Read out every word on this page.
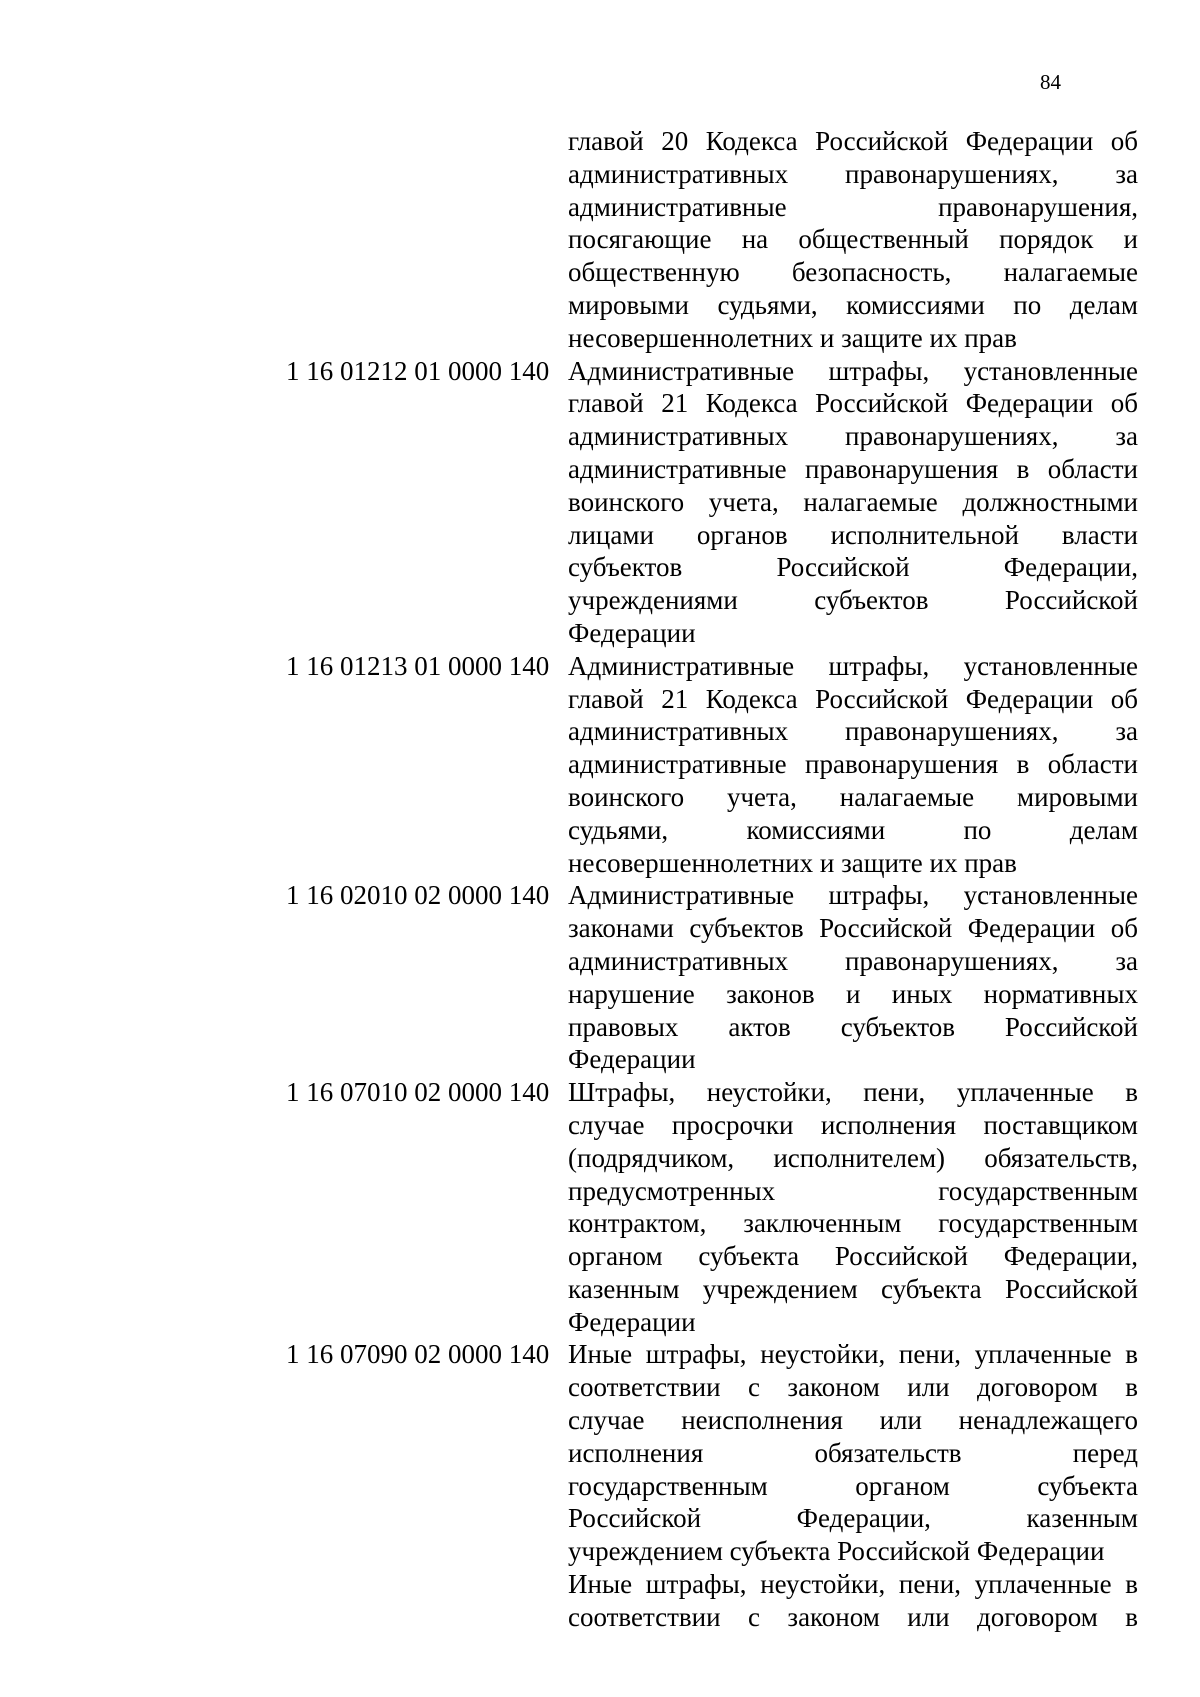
84
главой 20 Кодекса Российской Федерации об
административных правонарушениях, за
административные правонарушения,
посягающие на общественный порядок и
общественную безопасность, налагаемые
мировыми судьями, комиссиями по делам
несовершеннолетних и защите их прав
1 16 01212 01 0000 140 Административные штрафы, установленные
главой 21 Кодекса Российской Федерации об
административных правонарушениях, за
административные правонарушения в области
воинского учета, налагаемые должностными
лицами органов исполнительной власти
субъектов Российской Федерации,
учреждениями субъектов Российской
Федерации
1 16 01213 01 0000 140 Административные штрафы, установленные
главой 21 Кодекса Российской Федерации об
административных правонарушениях, за
административные правонарушения в области
воинского учета, налагаемые мировыми
судьями, комиссиями по делам
несовершеннолетних и защите их прав
1 16 02010 02 0000 140 Административные штрафы, установленные
законами субъектов Российской Федерации об
административных правонарушениях, за
нарушение законов и иных нормативных
правовых актов субъектов Российской
Федерации
1 16 07010 02 0000 140 Штрафы, неустойки, пени, уплаченные в
случае просрочки исполнения поставщиком
(подрядчиком, исполнителем) обязательств,
предусмотренных государственным
контрактом, заключенным государственным
органом субъекта Российской Федерации,
казенным учреждением субъекта Российской
Федерации
1 16 07090 02 0000 140 Иные штрафы, неустойки, пени, уплаченные в
соответствии с законом или договором в
случае неисполнения или ненадлежащего
исполнения обязательств перед
государственным органом субъекта
Российской Федерации, казенным
учреждением субъекта Российской Федерации
Иные штрафы, неустойки, пени, уплаченные в
соответствии с законом или договором в
